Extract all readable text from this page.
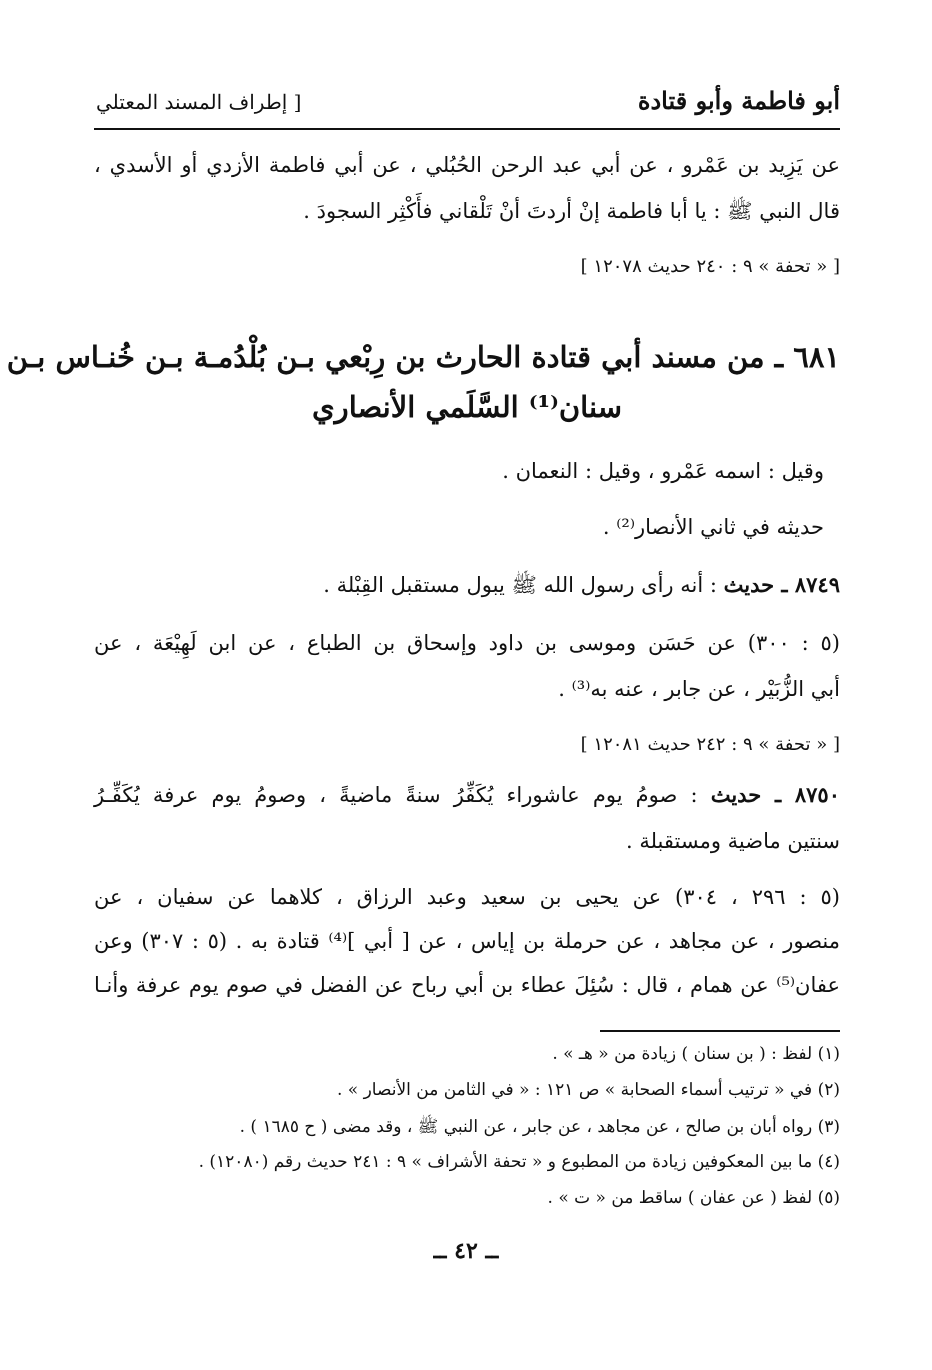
أبو فاطمة وأبو قتادة
[ إطراف المسند المعتلي
عن يَزِيد بن عَمْرو ، عن أبي عبد الرحن الحُبُلي ، عن أبي فاطمة الأزدي أو الأسدي ،
قال النبي ﷺ : يا أبا فاطمة إنْ أردتَ أنْ تَلْقاني فأَكْثِر السجودَ .
[ « تحفة » ٩ : ٢٤٠ حديث ١٢٠٧٨ ]
٦٨١ ـ من مسند أبي قتادة الحارث بن رِبْعي بـن بُلْدُمـة بـن خُنـاس بـن
سنان⁽¹⁾ السَّلَمي الأنصاري
وقيل : اسمه عَمْرو ، وقيل : النعمان .
حديثه في ثاني الأنصار⁽²⁾ .
٨٧٤٩ ـ حديث : أنه رأى رسول الله ﷺ يبول مستقبل القِبْلة .
(٥ : ٣٠٠) عن حَسَن وموسى بن داود وإسحاق بن الطباع ، عن ابن لَهِيْعَة ، عن
أبي الزُّبَيْر ، عن جابر ، عنه به⁽³⁾ .
[ « تحفة » ٩ : ٢٤٢ حديث ١٢٠٨١ ]
٨٧٥٠ ـ حديث : صومُ يوم عاشوراء يُكَفِّرُ سنةً ماضيةً ، وصومُ يوم عرفة يُكَفِّـرُ
سنتين ماضية ومستقبلة .
(٥ : ٢٩٦ ، ٣٠٤) عن يحيى بن سعيد وعبد الرزاق ، كلاهما عن سفيان ، عن
منصور ، عن مجاهد ، عن حرملة بن إياس ، عن [ أبي ]⁽⁴⁾ قتادة به . (٥ : ٣٠٧) وعن
عفان⁽⁵⁾ عن همام ، قال : سُئِلَ عطاء بن أبي رباح عن الفضل في صوم يوم عرفة وأنـا
(١) لفظ : ( بن سنان ) زيادة من « هـ » .
(٢) في « ترتيب أسماء الصحابة » ص ١٢١ : « في الثامن من الأنصار » .
(٣) رواه أبان بن صالح ، عن مجاهد ، عن جابر ، عن النبي ﷺ ، وقد مضى ( ح ١٦٨٥ ) .
(٤) ما بين المعكوفين زيادة من المطبوع و « تحفة الأشراف » ٩ : ٢٤١ حديث رقم (١٢٠٨٠) .
(٥) لفظ ( عن عفان ) ساقط من « ت » .
ــ ٤٢ ــ
